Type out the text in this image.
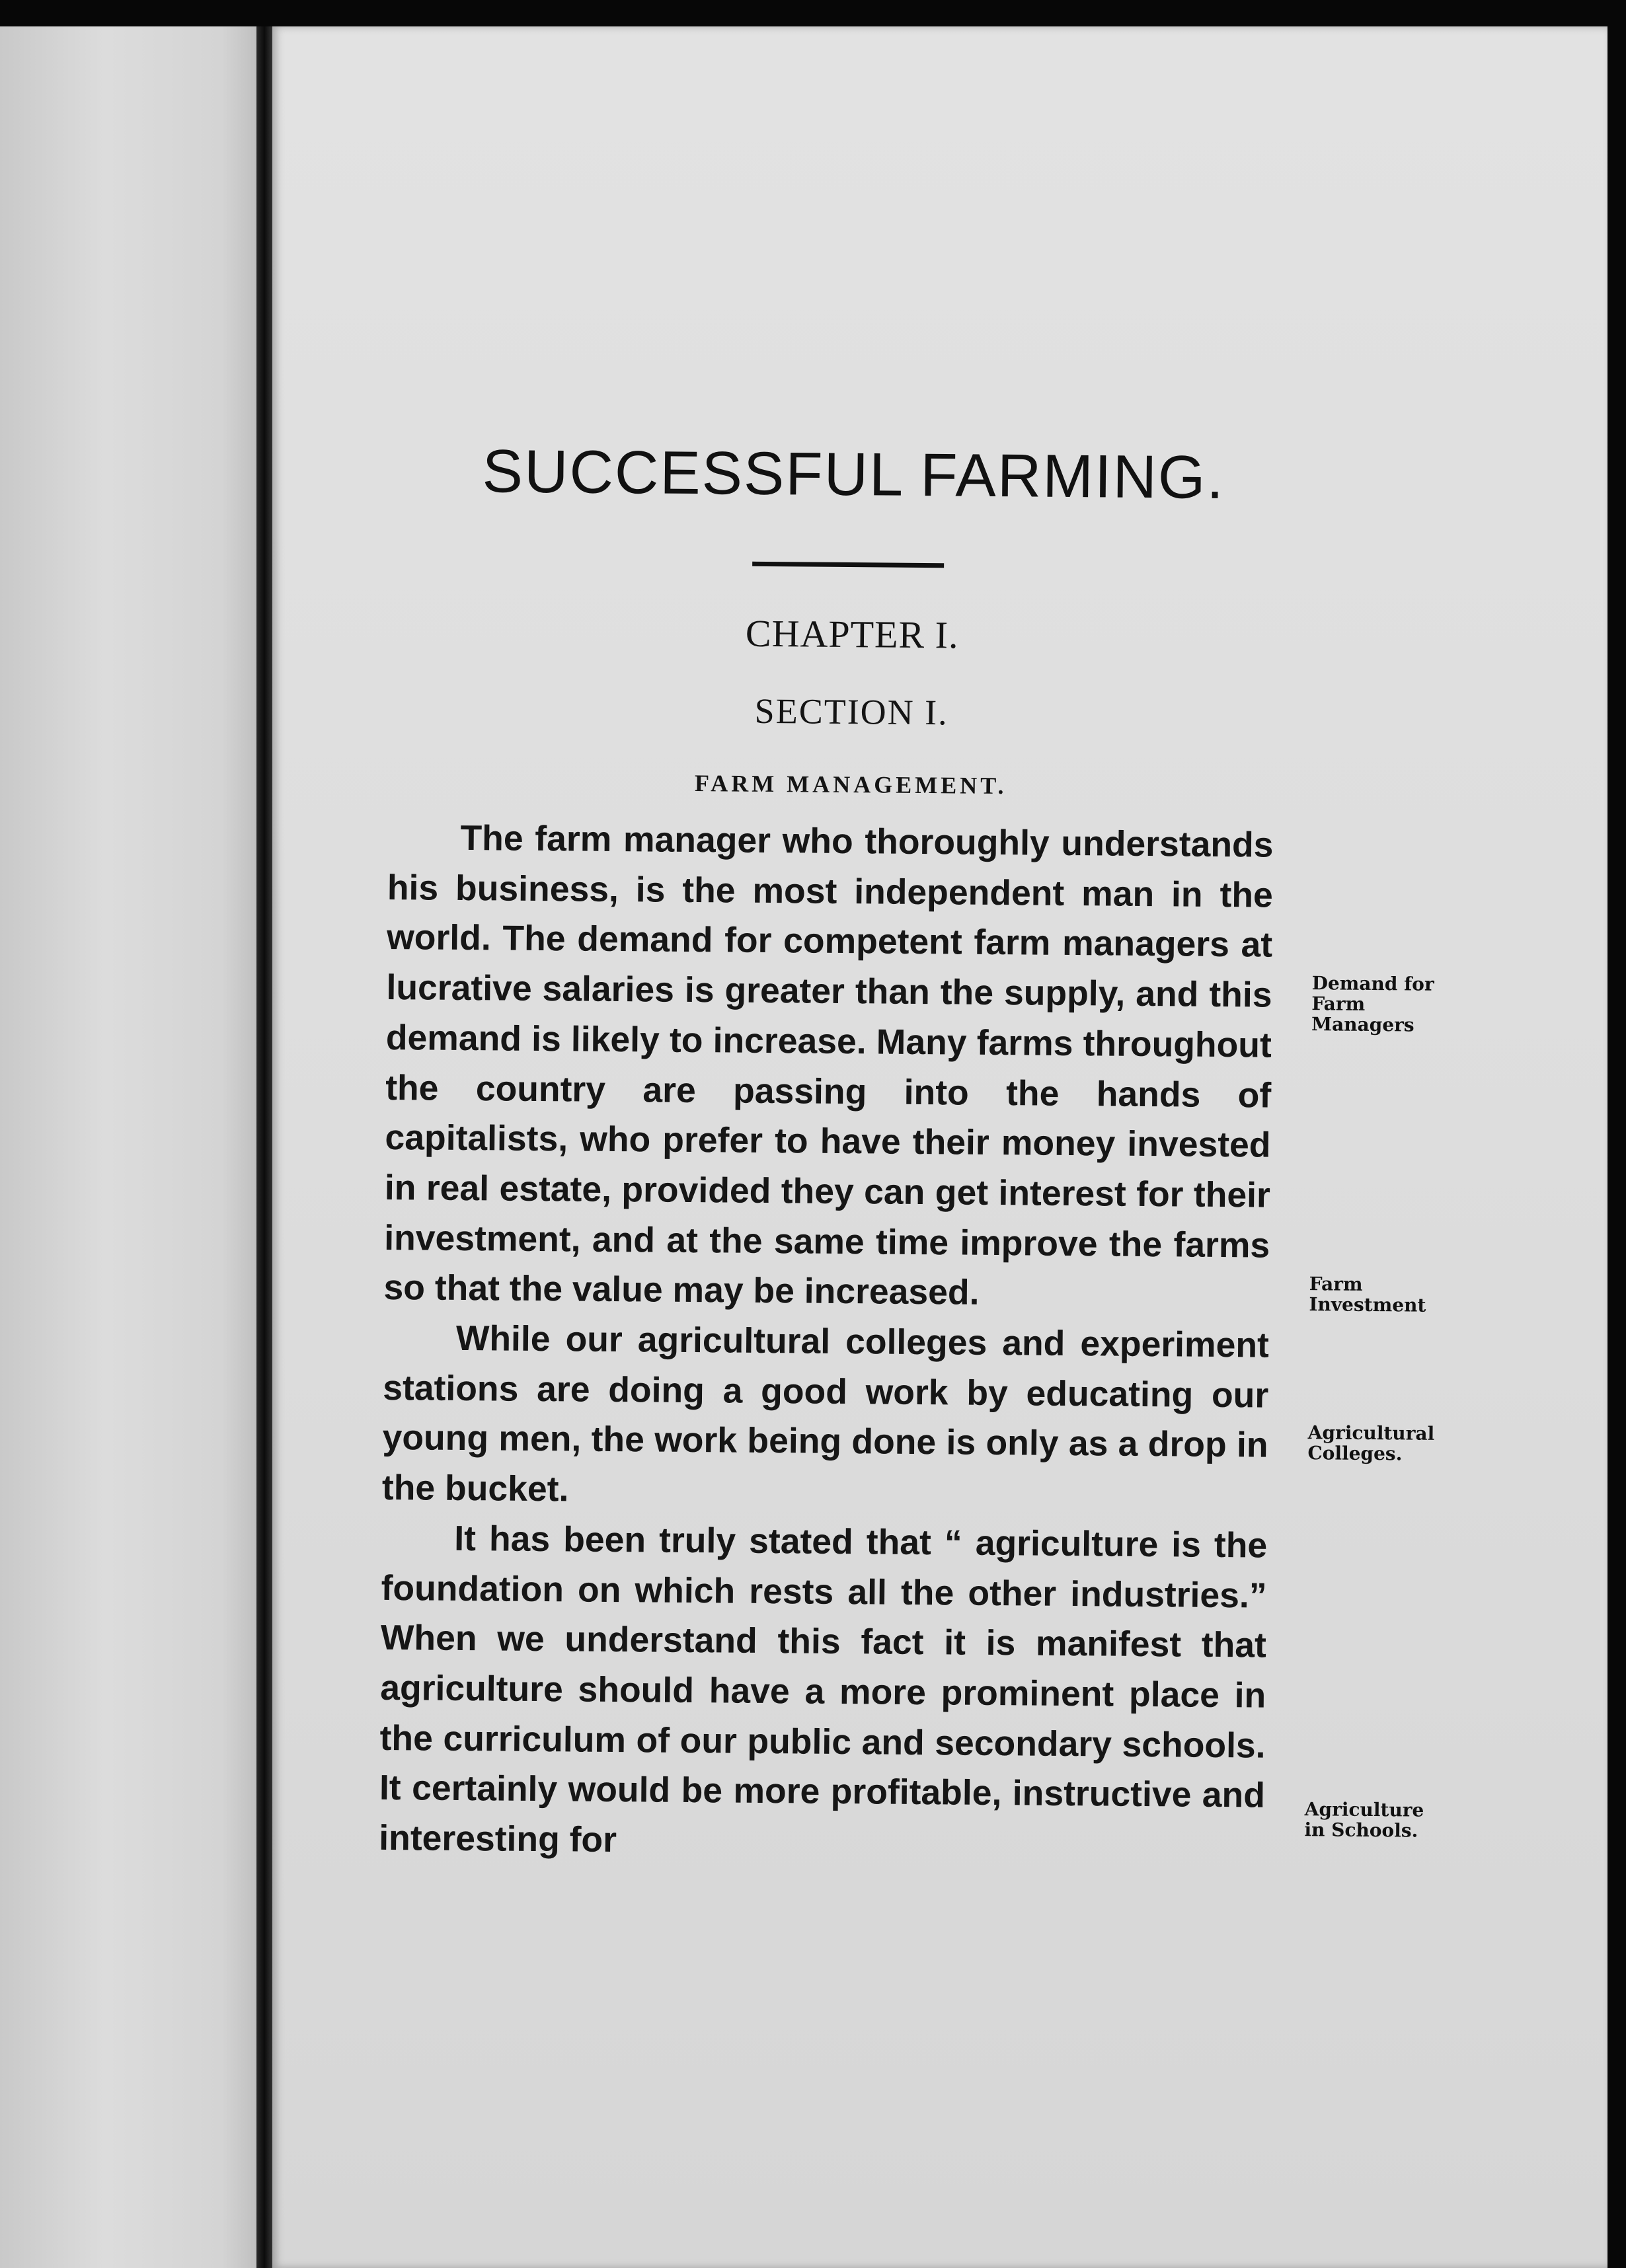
SUCCESSFUL FARMING.
CHAPTER I.
SECTION I.
FARM MANAGEMENT.

The farm manager who thoroughly understands his business, is the most independent man in the world. The demand for competent farm managers at lucrative salaries is greater than the supply, and this demand is likely to increase. Many farms throughout the country are passing into the hands of capitalists, who prefer to have their money invested in real estate, provided they can get interest for their investment, and at the same time improve the farms so that the value may be increased.

While our agricultural colleges and experiment stations are doing a good work by educating our young men, the work being done is only as a drop in the bucket.

It has been truly stated that “ agriculture is the foundation on which rests all the other industries.” When we understand this fact it is manifest that agriculture should have a more prominent place in the curriculum of our public and secondary schools. It certainly would be more profitable, instructive and interesting for

Demand for
Farm
Managers
Farm
Investment
Agricultural
Colleges.
Agriculture
in Schools.
